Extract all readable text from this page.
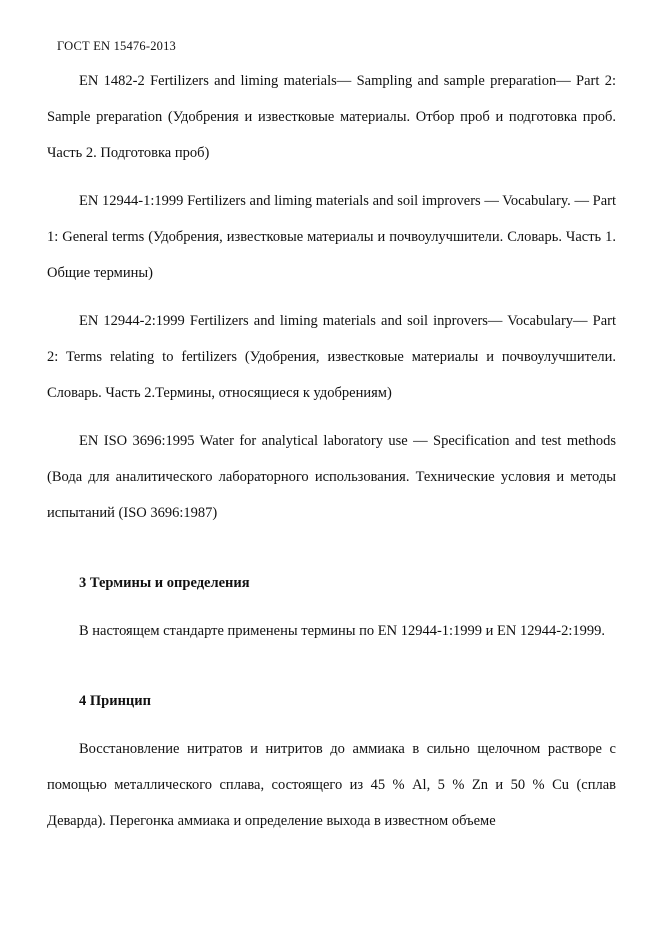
ГОСТ EN 15476-2013

EN 1482-2 Fertilizers and liming materials— Sampling and sample preparation— Part 2: Sample preparation (Удобрения и известковые материалы. Отбор проб и подготовка проб. Часть 2. Подготовка проб)

EN 12944-1:1999 Fertilizers and liming materials and soil improvers — Vocabulary. — Part 1: General terms (Удобрения, известковые материалы и почвоулучшители. Словарь. Часть 1. Общие термины)

EN 12944-2:1999 Fertilizers and liming materials and soil inprovers— Vocabulary— Part 2: Terms relating to fertilizers (Удобрения, известковые материалы и почвоулучшители. Словарь. Часть 2.Термины, относящиеся к удобрениям)

EN ISO 3696:1995 Water for analytical laboratory use — Specification and test methods (Вода для аналитического лабораторного использования. Технические условия и методы испытаний (ISO 3696:1987)

3 Термины и определения

В настоящем стандарте применены термины по EN 12944-1:1999 и EN 12944-2:1999.

4 Принцип

Восстановление нитратов и нитритов до аммиака в сильно щелочном растворе с помощью металлического сплава, состоящего из 45 % Al, 5 % Zn и 50 % Cu (сплав Деварда). Перегонка аммиака и определение выхода в известном объеме
